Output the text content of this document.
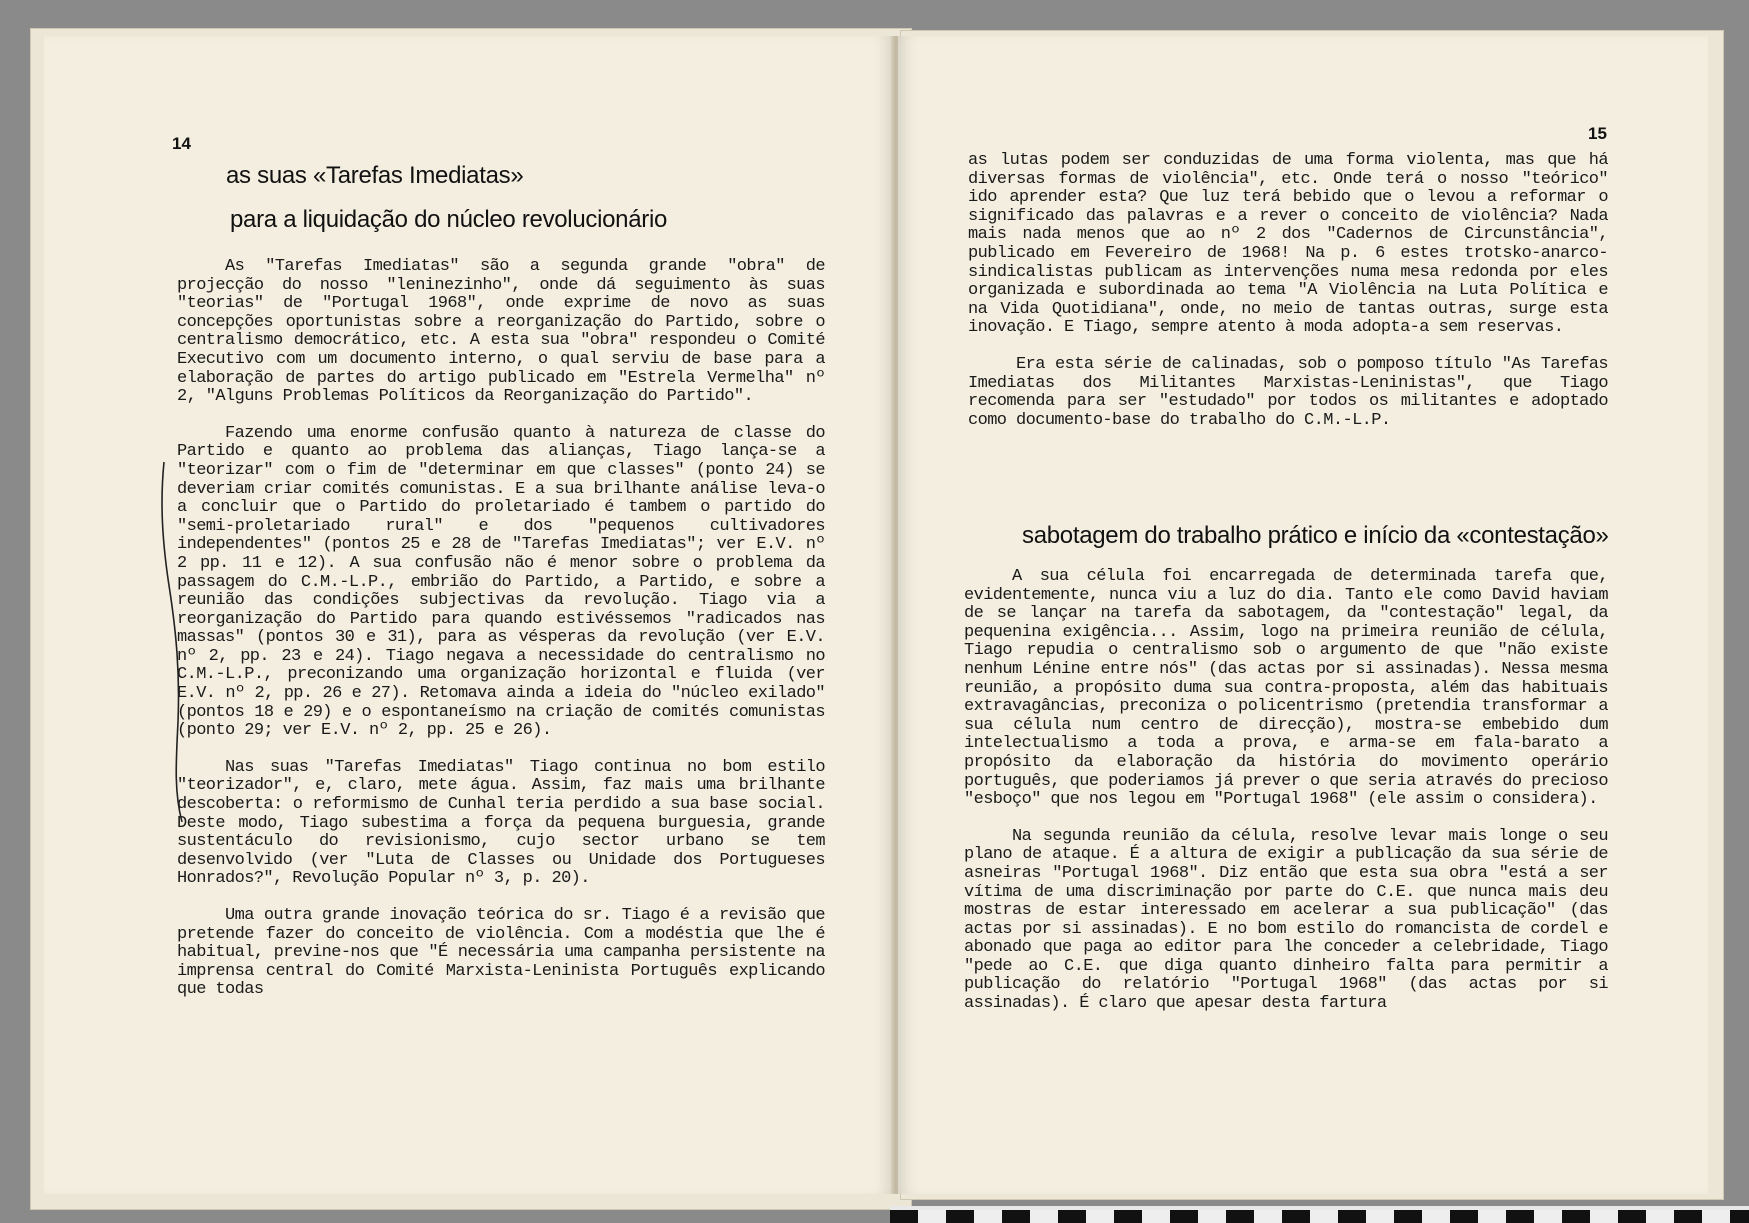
14
as suas «Tarefas Imediatas»
para a liquidação do núcleo revolucionário

As "Tarefas Imediatas" são a segunda grande "obra" de projecção do nosso "leninezinho", onde dá seguimento às suas "teorias" de "Portugal 1968", onde exprime de novo as suas concepções oportunistas sobre a reorganização do Partido, sobre o centralismo democrático, etc. A esta sua "obra" respondeu o Comité Executivo com um documento interno, o qual serviu de base para a elaboração de partes do artigo publicado em "Estrela Vermelha" nº 2, "Alguns Problemas Políticos da Reorganização do Partido".

Fazendo uma enorme confusão quanto à natureza de classe do Partido e quanto ao problema das alianças, Tiago lança-se a "teorizar" com o fim de "determinar em que classes" (ponto 24) se deveriam criar comités comunistas. E a sua brilhante análise leva-o a concluir que o Partido do proletariado é tambem o partido do "semi-proletariado rural" e dos "pequenos cultivadores independentes" (pontos 25 e 28 de "Tarefas Imediatas"; ver E.V. nº 2 pp. 11 e 12). A sua confusão não é menor sobre o problema da passagem do C.M.-L.P., embrião do Partido, a Partido, e sobre a reunião das condições subjectivas da revolução. Tiago via a reorganização do Partido para quando estivéssemos "radicados nas massas" (pontos 30 e 31), para as vésperas da revolução (ver E.V. nº 2, pp. 23 e 24). Tiago negava a necessidade do centralismo no C.M.-L.P., preconizando uma organização horizontal e fluida (ver E.V. nº 2, pp. 26 e 27). Retomava ainda a ideia do "núcleo exilado" (pontos 18 e 29) e o espontaneísmo na criação de comités comunistas (ponto 29; ver E.V. nº 2, pp. 25 e 26).

Nas suas "Tarefas Imediatas" Tiago continua no bom estilo "teorizador", e, claro, mete água. Assim, faz mais uma brilhante descoberta: o reformismo de Cunhal teria perdido a sua base social. Deste modo, Tiago subestima a força da pequena burguesia, grande sustentáculo do revisionismo, cujo sector urbano se tem desenvolvido (ver "Luta de Classes ou Unidade dos Portugueses Honrados?", Revolução Popular nº 3, p. 20).

Uma outra grande inovação teórica do sr. Tiago é a revisão que pretende fazer do conceito de violência. Com a modéstia que lhe é habitual, previne-nos que "É necessária uma campanha persistente na imprensa central do Comité Marxista-Leninista Português explicando que todas

15

as lutas podem ser conduzidas de uma forma violenta, mas que há diversas formas de violência", etc. Onde terá o nosso "teórico" ido aprender esta? Que luz terá bebido que o levou a reformar o significado das palavras e a rever o conceito de violência? Nada mais nada menos que ao nº 2 dos "Cadernos de Circunstância", publicado em Fevereiro de 1968! Na p. 6 estes trotsko-anarco-sindicalistas publicam as intervenções numa mesa redonda por eles organizada e subordinada ao tema "A Violência na Luta Política e na Vida Quotidiana", onde, no meio de tantas outras, surge esta inovação. E Tiago, sempre atento à moda adopta-a sem reservas.

Era esta série de calinadas, sob o pomposo título "As Tarefas Imediatas dos Militantes Marxistas-Leninistas", que Tiago recomenda para ser "estudado" por todos os militantes e adoptado como documento-base do trabalho do C.M.-L.P.

sabotagem do trabalho prático e início da «contestação»

A sua célula foi encarregada de determinada tarefa que, evidentemente, nunca viu a luz do dia. Tanto ele como David haviam de se lançar na tarefa da sabotagem, da "contestação" legal, da pequenina exigência... Assim, logo na primeira reunião de célula, Tiago repudia o centralismo sob o argumento de que "não existe nenhum Lénine entre nós" (das actas por si assinadas). Nessa mesma reunião, a propósito duma sua contra-proposta, além das habituais extravagâncias, preconiza o policentrismo (pretendia transformar a sua célula num centro de direcção), mostra-se embebido dum intelectualismo a toda a prova, e arma-se em fala-barato a propósito da elaboração da história do movimento operário português, que poderiamos já prever o que seria através do precioso "esboço" que nos legou em "Portugal 1968" (ele assim o considera).

Na segunda reunião da célula, resolve levar mais longe o seu plano de ataque. É a altura de exigir a publicação da sua série de asneiras "Portugal 1968". Diz então que esta sua obra "está a ser vítima de uma discriminação por parte do C.E. que nunca mais deu mostras de estar interessado em acelerar a sua publicação" (das actas por si assinadas). E no bom estilo do romancista de cordel e abonado que paga ao editor para lhe conceder a celebridade, Tiago "pede ao C.E. que diga quanto dinheiro falta para permitir a publicação do relatório "Portugal 1968" (das actas por si assinadas). É claro que apesar desta fartura
